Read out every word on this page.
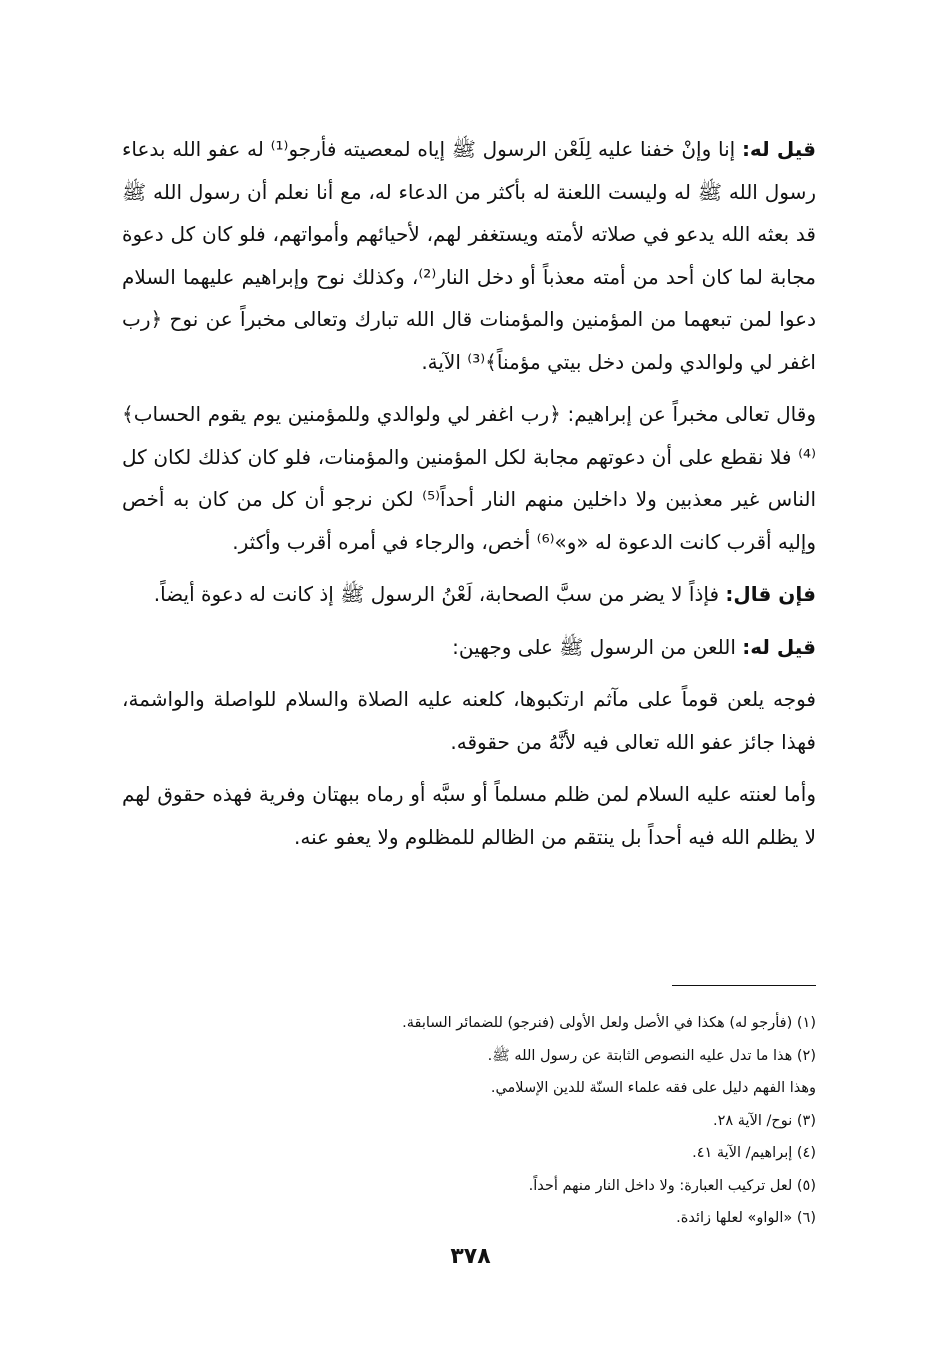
قيل له: إنا وإنْ خفنا عليه لِلَعْن الرسول ﷺ إياه لمعصيته فأرجو⁽¹⁾ له عفو الله بدعاء رسول الله ﷺ له وليست اللعنة له بأكثر من الدعاء له، مع أنا نعلم أن رسول الله ﷺ قد بعثه الله يدعو في صلاته لأمته ويستغفر لهم، لأحيائهم وأمواتهم، فلو كان كل دعوة مجابة لما كان أحد من أمته معذباً أو دخل النار⁽²⁾، وكذلك نوح وإبراهيم عليهما السلام دعوا لمن تبعهما من المؤمنين والمؤمنات قال الله تبارك وتعالى مخبراً عن نوح ﴿رب اغفر لي ولوالدي ولمن دخل بيتي مؤمناً﴾⁽³⁾ الآية.

وقال تعالى مخبراً عن إبراهيم: ﴿رب اغفر لي ولوالدي وللمؤمنين يوم يقوم الحساب﴾⁽⁴⁾ فلا نقطع على أن دعوتهم مجابة لكل المؤمنين والمؤمنات، فلو كان كذلك لكان كل الناس غير معذبين ولا داخلين منهم النار أحداً⁽⁵⁾ لكن نرجو أن كل من كان به أخص وإليه أقرب كانت الدعوة له «و»⁽⁶⁾ أخص، والرجاء في أمره أقرب وأكثر.

فإن قال: فإذاً لا يضر من سبَّ الصحابة، لَعْنُ الرسول ﷺ إذ كانت له دعوة أيضاً.

قيل له: اللعن من الرسول ﷺ على وجهين:

فوجه يلعن قوماً على مآثم ارتكبوها، كلعنه عليه الصلاة والسلام للواصلة والواشمة، فهذا جائز عفو الله تعالى فيه لأنَّهُ من حقوقه.

وأما لعنته عليه السلام لمن ظلم مسلماً أو سبَّه أو رماه ببهتان وفرية فهذه حقوق لهم لا يظلم الله فيه أحداً بل ينتقم من الظالم للمظلوم ولا يعفو عنه.

(١) (فأرجو له) هكذا في الأصل ولعل الأولى (فنرجو) للضمائر السابقة.

(٢) هذا ما تدل عليه النصوص الثابتة عن رسول الله ﷺ.

وهذا الفهم دليل على فقه علماء السنّة للدين الإسلامي.

(٣) نوح/ الآية ٢٨.

(٤) إبراهيم/ الآية ٤١.

(٥) لعل تركيب العبارة: ولا داخل النار منهم أحداً.

(٦) «الواو» لعلها زائدة.

٣٧٨
